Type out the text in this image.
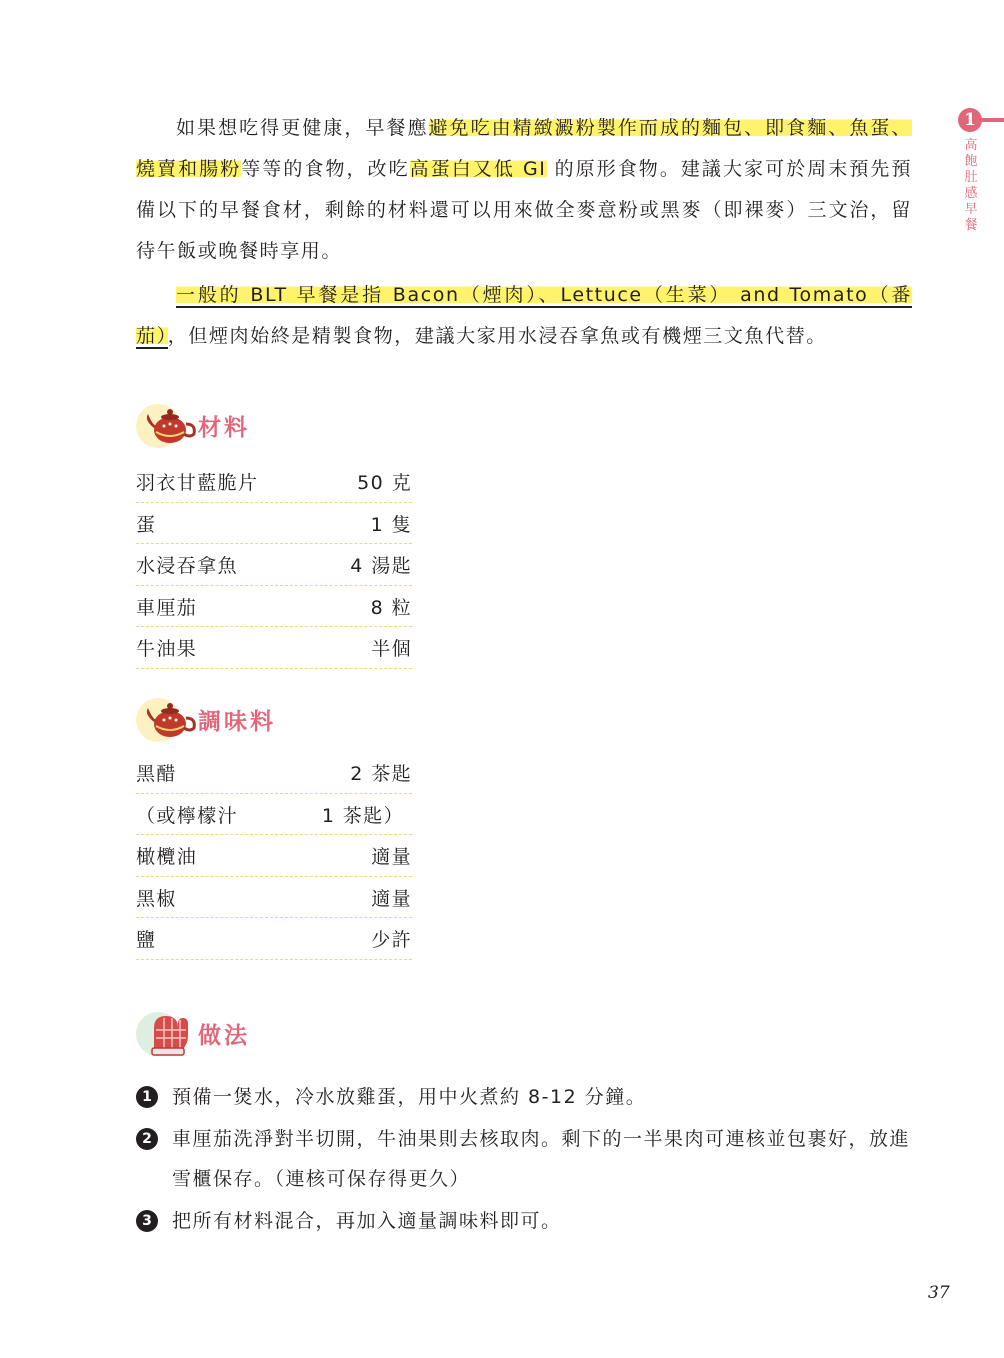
1
高飽肚感早餐
如果想吃得更健康，早餐應避免吃由精緻澱粉製作而成的麵包、即食麵、魚蛋、燒賣和腸粉等等的食物，改吃高蛋白又低 GI 的原形食物。建議大家可於周末預先預備以下的早餐食材，剩餘的材料還可以用來做全麥意粉或黑麥（即裸麥）三文治，留待午飯或晚餐時享用。
一般的 BLT 早餐是指 Bacon（煙肉）、Lettuce（生菜） and Tomato（番茄），但煙肉始終是精製食物，建議大家用水浸吞拿魚或有機煙三文魚代替。
材料
羽衣甘藍脆片	50 克
蛋	1 隻
水浸吞拿魚	4 湯匙
車厘茄	8 粒
牛油果	半個
調味料
黑醋	2 茶匙
（或檸檬汁	1 茶匙）
橄欖油	適量
黑椒	適量
鹽	少許
做法
1	預備一煲水，冷水放雞蛋，用中火煮約 8-12 分鐘。
2	車厘茄洗淨對半切開，牛油果則去核取肉。剩下的一半果肉可連核並包裹好，放進雪櫃保存。（連核可保存得更久）
3	把所有材料混合，再加入適量調味料即可。
37
